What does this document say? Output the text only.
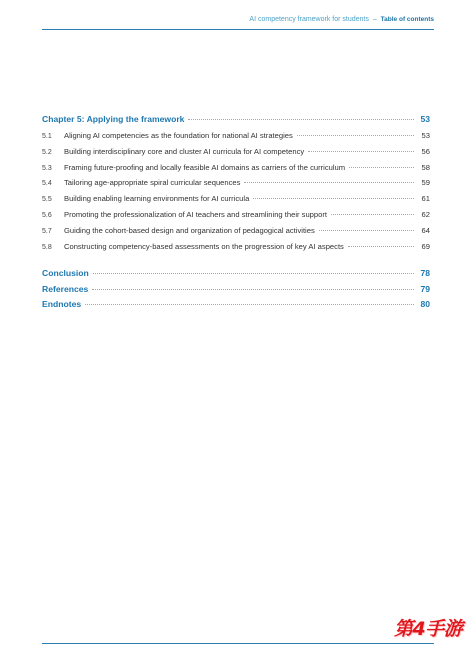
AI competency framework for students – Table of contents
Chapter 5: Applying the framework	53
5.1	Aligning AI competencies as the foundation for national AI strategies	53
5.2	Building interdisciplinary core and cluster AI curricula for AI competency	56
5.3	Framing future-proofing and locally feasible AI domains as carriers of the curriculum	58
5.4	Tailoring age-appropriate spiral curricular sequences	59
5.5	Building enabling learning environments for AI curricula	61
5.6	Promoting the professionalization of AI teachers and streamlining their support	62
5.7	Guiding the cohort-based design and organization of pedagogical activities	64
5.8	Constructing competency-based assessments on the progression of key AI aspects	69
Conclusion	78
References	79
Endnotes	80
第4手游
